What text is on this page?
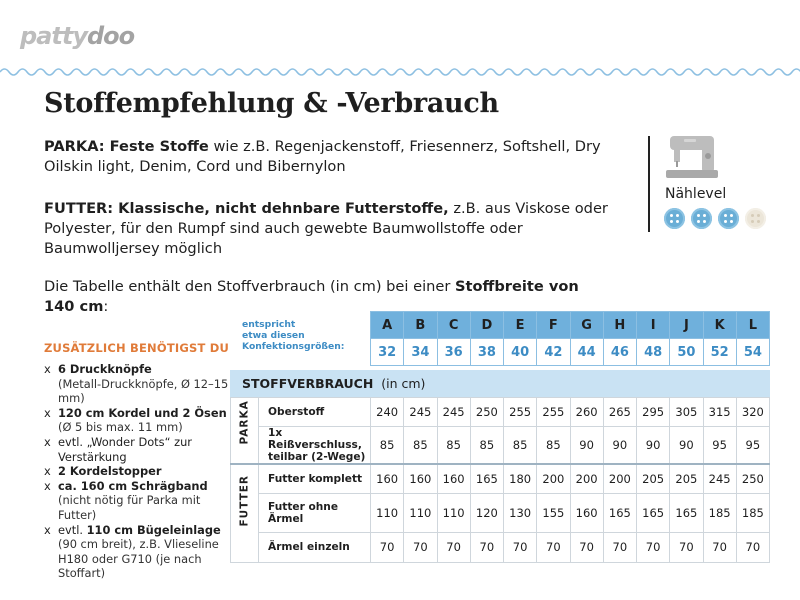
pattydoo
Stoffempfehlung & -Verbrauch

PARKA: Feste Stoffe wie z.B. Regenjackenstoff, Friesennerz, Softshell, Dry Oilskin light, Denim, Cord und Bibernylon

FUTTER: Klassische, nicht dehnbare Futterstoffe, z.B. aus Viskose oder Polyester, für den Rumpf sind auch gewebte Baumwollstoffe oder Baumwolljersey möglich

Die Tabelle enthält den Stoffverbrauch (in cm) bei einer Stoffbreite von 140 cm:

Nählevel
ZUSÄTZLICH BENÖTIGST DU
x 6 Druckknöpfe
(Metall-Druckknöpfe, Ø 12–15 mm)
x 120 cm Kordel und 2 Ösen
(Ø 5 bis max. 11 mm)
x evtl. „Wonder Dots“ zur Verstärkung
x 2 Kordelstopper
x ca. 160 cm Schrägband
(nicht nötig für Parka mit Futter)
x evtl. 110 cm Bügeleinlage
(90 cm breit), z.B. Vlieseline H180 oder G710 (je nach Stoffart)
entspricht
etwa diesen
Konfektionsgrößen:
A	B	C	D	E	F	G	H	I	J	K	L
32	34	36	38	40	42	44	46	48	50	52	54
STOFFVERBRAUCH (in cm)
PARKA	Oberstoff	240	245	245	250	255	255	260	265	295	305	315	320
	1x Reißverschluss, teilbar (2-Wege)	85	85	85	85	85	85	90	90	90	90	95	95

FUTTER	Futter komplett	160	160	160	165	180	200	200	200	205	205	245	250
	Futter ohne Ärmel	110	110	110	120	130	155	160	165	165	165	185	185
	Ärmel einzeln	70	70	70	70	70	70	70	70	70	70	70	70
